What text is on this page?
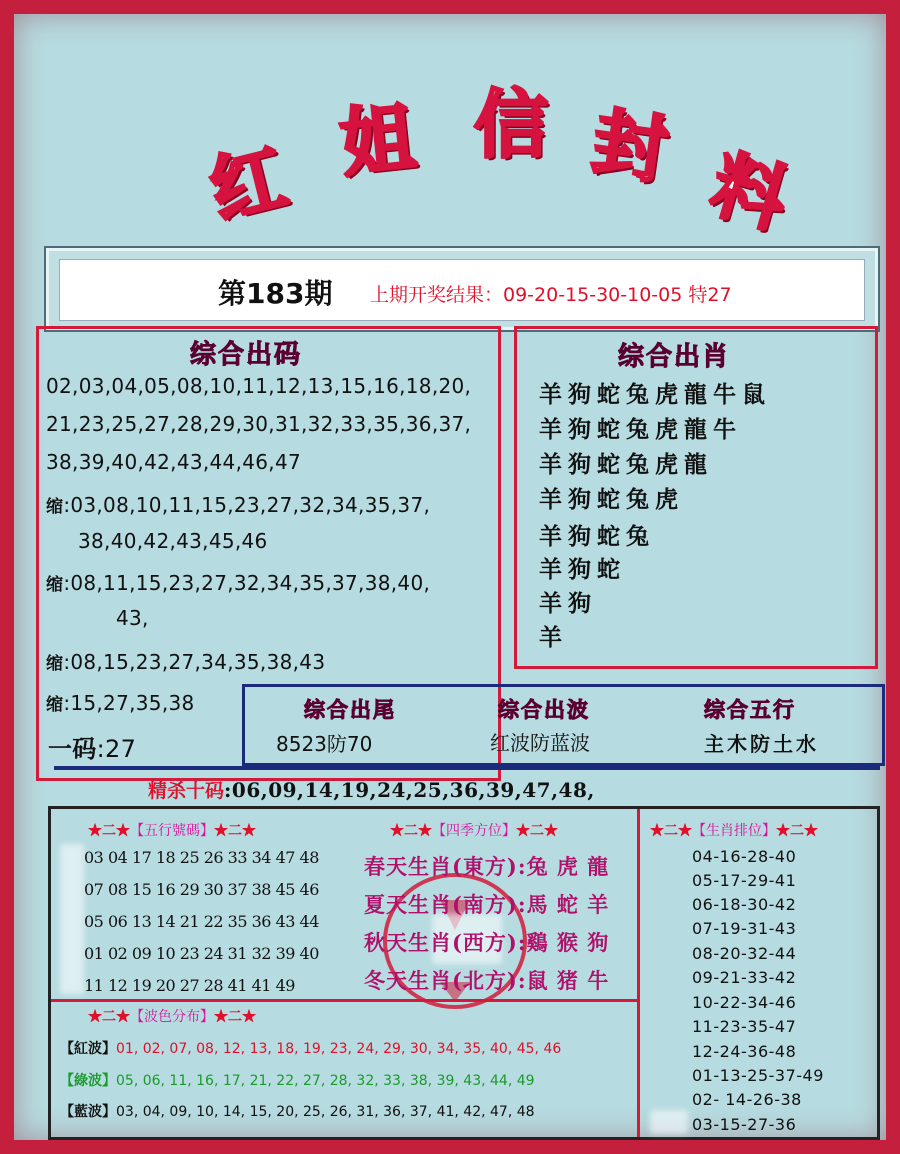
红 姐 信 封 料
第183期 上期开奖结果：09-20-15-30-10-05 特27
综合出码
02,03,04,05,08,10,11,12,13,15,16,18,20,
21,23,25,27,28,29,30,31,32,33,35,36,37,
38,39,40,42,43,44,46,47
缩:03,08,10,11,15,23,27,32,34,35,37,
38,40,42,43,45,46
缩:08,11,15,23,27,32,34,35,37,38,40,
43,
缩:08,15,23,27,34,35,38,43
缩:15,27,35,38
一码:27
综合出肖
羊狗蛇兔虎龍牛鼠
羊狗蛇兔虎龍牛
羊狗蛇兔虎龍
羊狗蛇兔虎
羊狗蛇兔
羊狗蛇
羊狗
羊
综合出尾
8523防70
综合出波
红波防蓝波
综合五行
主木防土水
精杀十码:06,09,14,19,24,25,36,39,47,48,
★二★【五行號碼】★二★
03 04 17 18 25 26 33 34 47 48
07 08 15 16 29 30 37 38 45 46
05 06 13 14 21 22 35 36 43 44
01 02 09 10 23 24 31 32 39 40
11 12 19 20 27 28 41 41 49
★二★【四季方位】★二★
春天生肖(東方):兔 虎 龍
夏天生肖(南方):馬 蛇 羊
秋天生肖(西方):鷄 猴 狗
冬天生肖(北方):鼠 猪 牛
★二★【生肖排位】★二★
04-16-28-40
05-17-29-41
06-18-30-42
07-19-31-43
08-20-32-44
09-21-33-42
10-22-34-46
11-23-35-47
12-24-36-48
01-13-25-37-49
02- 14-26-38
03-15-27-36
★二★【波色分布】★二★
【紅波】01, 02, 07, 08, 12, 13, 18, 19, 23, 24, 29, 30, 34, 35, 40, 45, 46
【綠波】05, 06, 11, 16, 17, 21, 22, 27, 28, 32, 33, 38, 39, 43, 44, 49
【藍波】03, 04, 09, 10, 14, 15, 20, 25, 26, 31, 36, 37, 41, 42, 47, 48
